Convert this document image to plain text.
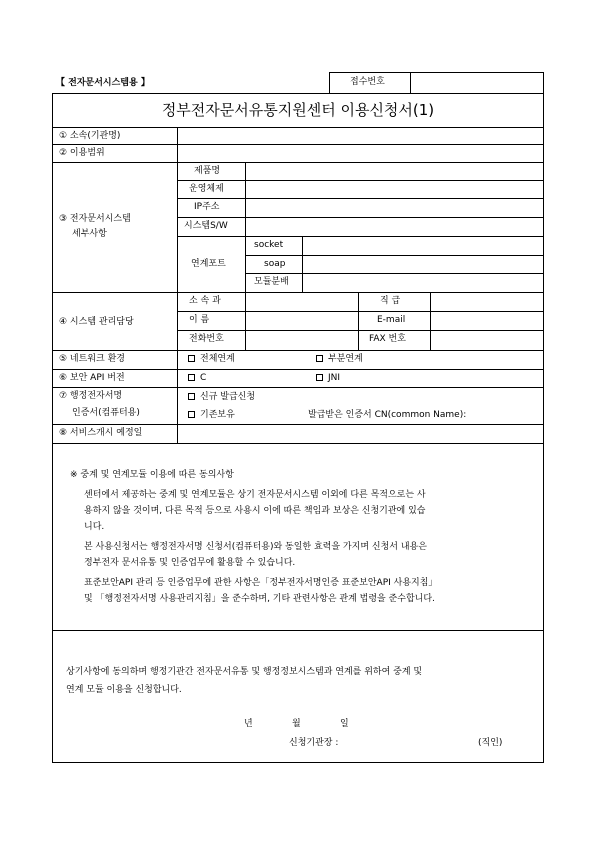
【 전자문서시스템용 】	접수번호
정부전자문서유통지원센터 이용신청서(1)
① 소속(기관명)
② 이용범위
③ 전자문서시스템
세부사항
제품명
운영체제
IP주소
시스템S/W
연계포트
socket
soap
모듈분배
④ 시스템 관리담당
소 속 과	직 급
이 름	E-mail
전화번호	FAX 번호
⑤ 네트워크 환경	전체연계	부분연계
⑥ 보안 API 버전	C	JNI
⑦ 행정전자서명
인증서(컴퓨터용)
신규 발급신청
기존보유	발급받은 인증서 CN(common Name):
⑧ 서비스개시 예정일
※ 중계 및 연계모듈 이용에 따른 동의사항
센터에서 제공하는 중계 및 연계모듈은 상기 전자문서시스템 이외에 다른 목적으로는 사
용하지 않을 것이며, 다른 목적 등으로 사용시 이에 따른 책임과 보상은 신청기관에 있습
니다.
본 사용신청서는 행정전자서명 신청서(컴퓨터용)와 동일한 효력을 가지며 신청서 내용은
정부전자 문서유통 및 인증업무에 활용할 수 있습니다.
표준보안API 관리 등 인증업무에 관한 사항은「정부전자서명인증 표준보안API 사용지침」
및 「행정전자서명 사용관리지침」을 준수하며, 기타 관련사항은 관계 법령을 준수합니다.
상기사항에 동의하며 행정기관간 전자문서유통 및 행정정보시스템과 연계를 위하여 중계 및
연계 모듈 이용을 신청합니다.
년	월	일
신청기관장 :	(직인)
